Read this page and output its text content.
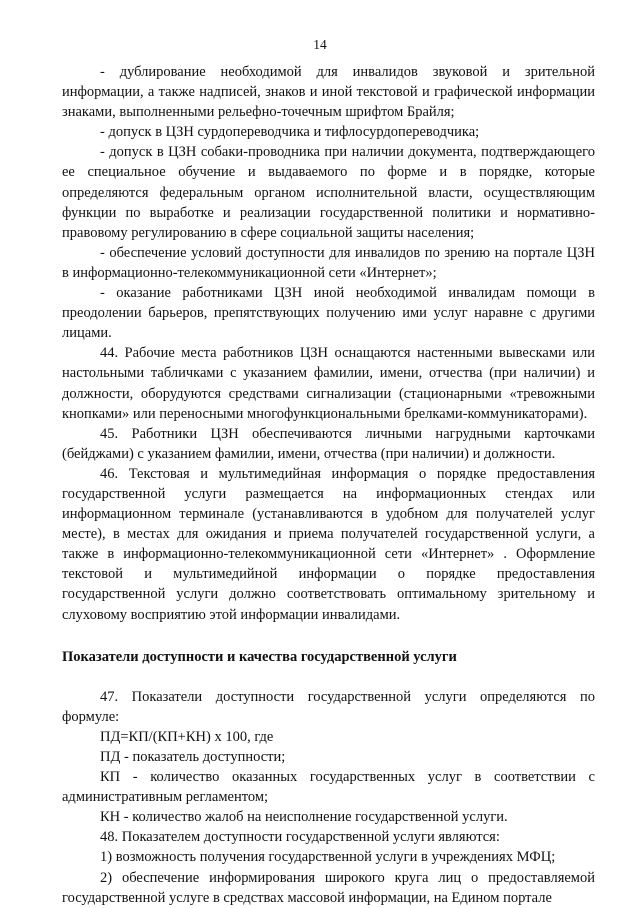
14

- дублирование необходимой для инвалидов звуковой и зрительной информации, а также надписей, знаков и иной текстовой и графической информации знаками, выполненными рельефно-точечным шрифтом Брайля;

- допуск в ЦЗН сурдопереводчика и тифлосурдопереводчика;

- допуск в ЦЗН собаки-проводника при наличии документа, подтверждающего ее специальное обучение и выдаваемого по форме и в порядке, которые определяются федеральным органом исполнительной власти, осуществляющим функции по выработке и реализации государственной политики и нормативно-правовому регулированию в сфере социальной защиты населения;

- обеспечение условий доступности для инвалидов по зрению на портале ЦЗН в информационно-телекоммуникационной сети «Интернет»;

- оказание работниками ЦЗН иной необходимой инвалидам помощи в преодолении барьеров, препятствующих получению ими услуг наравне с другими лицами.

44. Рабочие места работников ЦЗН оснащаются настенными вывесками или настольными табличками с указанием фамилии, имени, отчества (при наличии) и должности, оборудуются средствами сигнализации (стационарными «тревожными кнопками» или переносными многофункциональными брелками-коммуникаторами).

45. Работники ЦЗН обеспечиваются личными нагрудными карточками (бейджами) с указанием фамилии, имени, отчества (при наличии) и должности.

46. Текстовая и мультимедийная информация о порядке предоставления государственной услуги размещается на информационных стендах или информационном терминале (устанавливаются в удобном для получателей услуг месте), в местах для ожидания и приема получателей государственной услуги, а также в информационно-телекоммуникационной сети «Интернет» . Оформление текстовой и мультимедийной информации о порядке предоставления государственной услуги должно соответствовать оптимальному зрительному и слуховому восприятию этой информации инвалидами.

Показатели доступности и качества государственной услуги

47. Показатели доступности государственной услуги определяются по формуле:

ПД=КП/(КП+КН) х 100, где

ПД - показатель доступности;

КП - количество оказанных государственных услуг в соответствии с административным регламентом;

КН - количество жалоб на неисполнение государственной услуги.

48. Показателем доступности государственной услуги являются:

1) возможность получения государственной услуги в учреждениях МФЦ;

2) обеспечение информирования широкого круга лиц о предоставляемой государственной услуге в средствах массовой информации, на Едином портале
